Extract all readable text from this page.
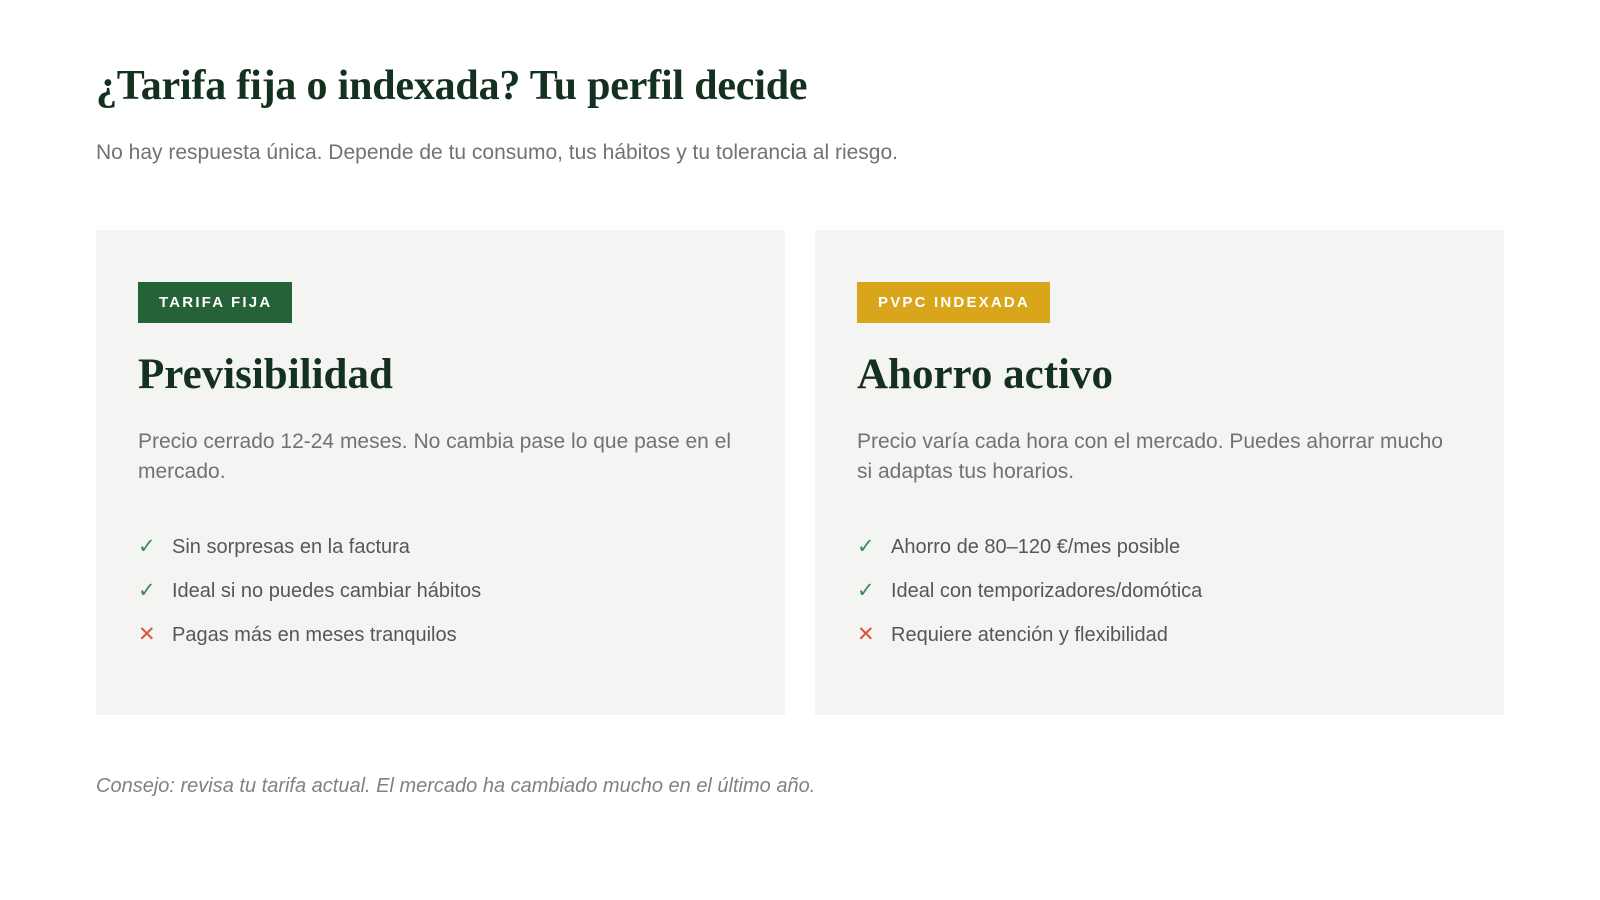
¿Tarifa fija o indexada? Tu perfil decide

No hay respuesta única. Depende de tu consumo, tus hábitos y tu tolerancia al riesgo.

TARIFA FIJA
Previsibilidad

Precio cerrado 12-24 meses. No cambia pase lo que pase en el mercado.

✓ Sin sorpresas en la factura
✓ Ideal si no puedes cambiar hábitos
✕ Pagas más en meses tranquilos
PVPC INDEXADA
Ahorro activo

Precio varía cada hora con el mercado. Puedes ahorrar mucho si adaptas tus horarios.

✓ Ahorro de 80–120 €/mes posible
✓ Ideal con temporizadores/domótica
✕ Requiere atención y flexibilidad

Consejo: revisa tu tarifa actual. El mercado ha cambiado mucho en el último año.
